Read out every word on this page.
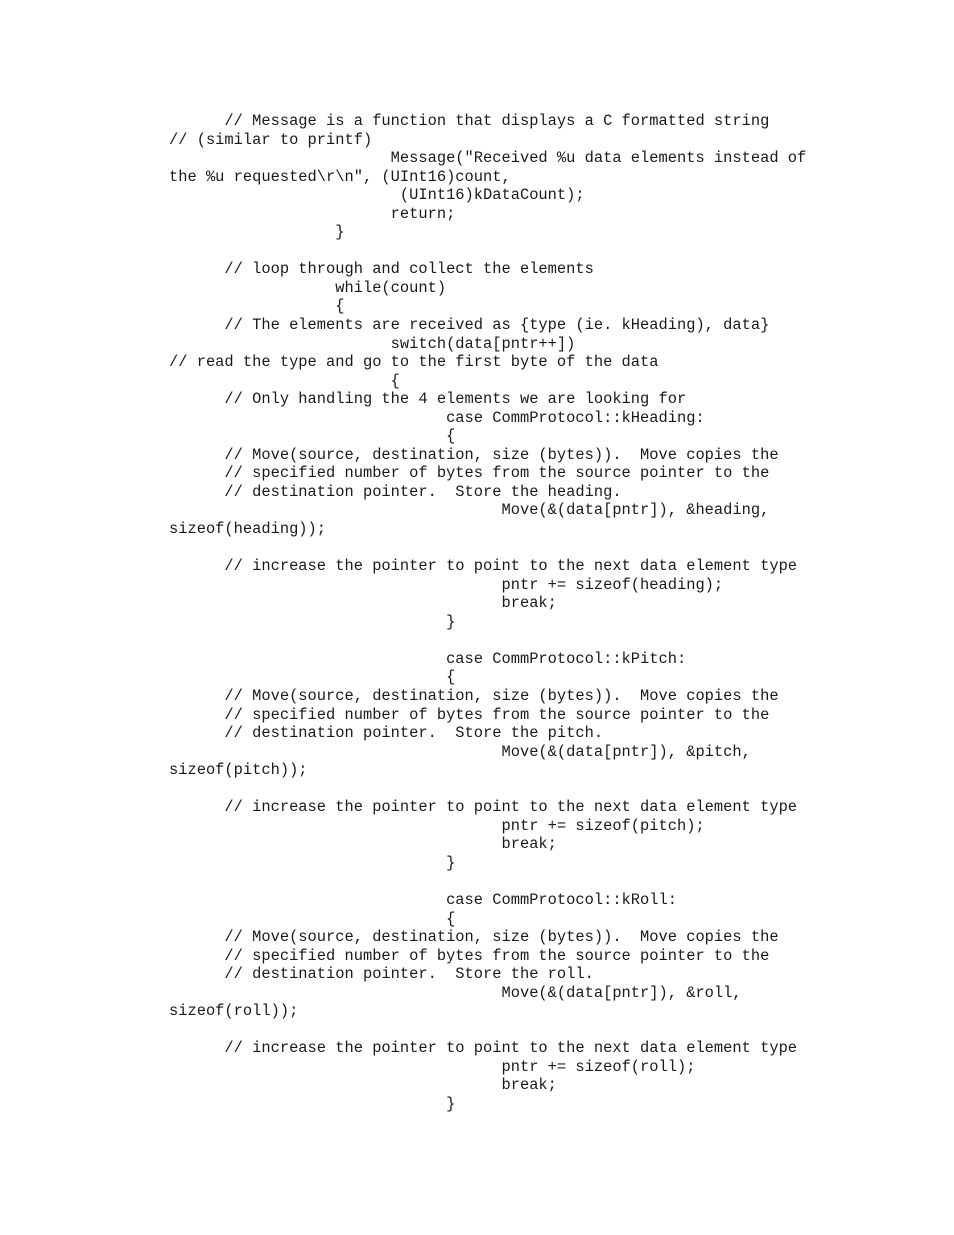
// Message is a function that displays a C formatted string
// (similar to printf)
Message("Received %u data elements instead of
the %u requested\r\n", (UInt16)count,
(UInt16)kDataCount);
return;
}
// loop through and collect the elements
while(count)
{
// The elements are received as {type (ie. kHeading), data}
switch(data[pntr++])
// read the type and go to the first byte of the data
{
// Only handling the 4 elements we are looking for
case CommProtocol::kHeading:
{
// Move(source, destination, size (bytes)).  Move copies the
// specified number of bytes from the source pointer to the
// destination pointer.  Store the heading.
Move(&(data[pntr]), &heading,
sizeof(heading));
// increase the pointer to point to the next data element type
pntr += sizeof(heading);
break;
}
case CommProtocol::kPitch:
{
// Move(source, destination, size (bytes)).  Move copies the
// specified number of bytes from the source pointer to the
// destination pointer.  Store the pitch.
Move(&(data[pntr]), &pitch,
sizeof(pitch));
// increase the pointer to point to the next data element type
pntr += sizeof(pitch);
break;
}
case CommProtocol::kRoll:
{
// Move(source, destination, size (bytes)).  Move copies the
// specified number of bytes from the source pointer to the
// destination pointer.  Store the roll.
Move(&(data[pntr]), &roll,
sizeof(roll));
// increase the pointer to point to the next data element type
pntr += sizeof(roll);
break;
}
